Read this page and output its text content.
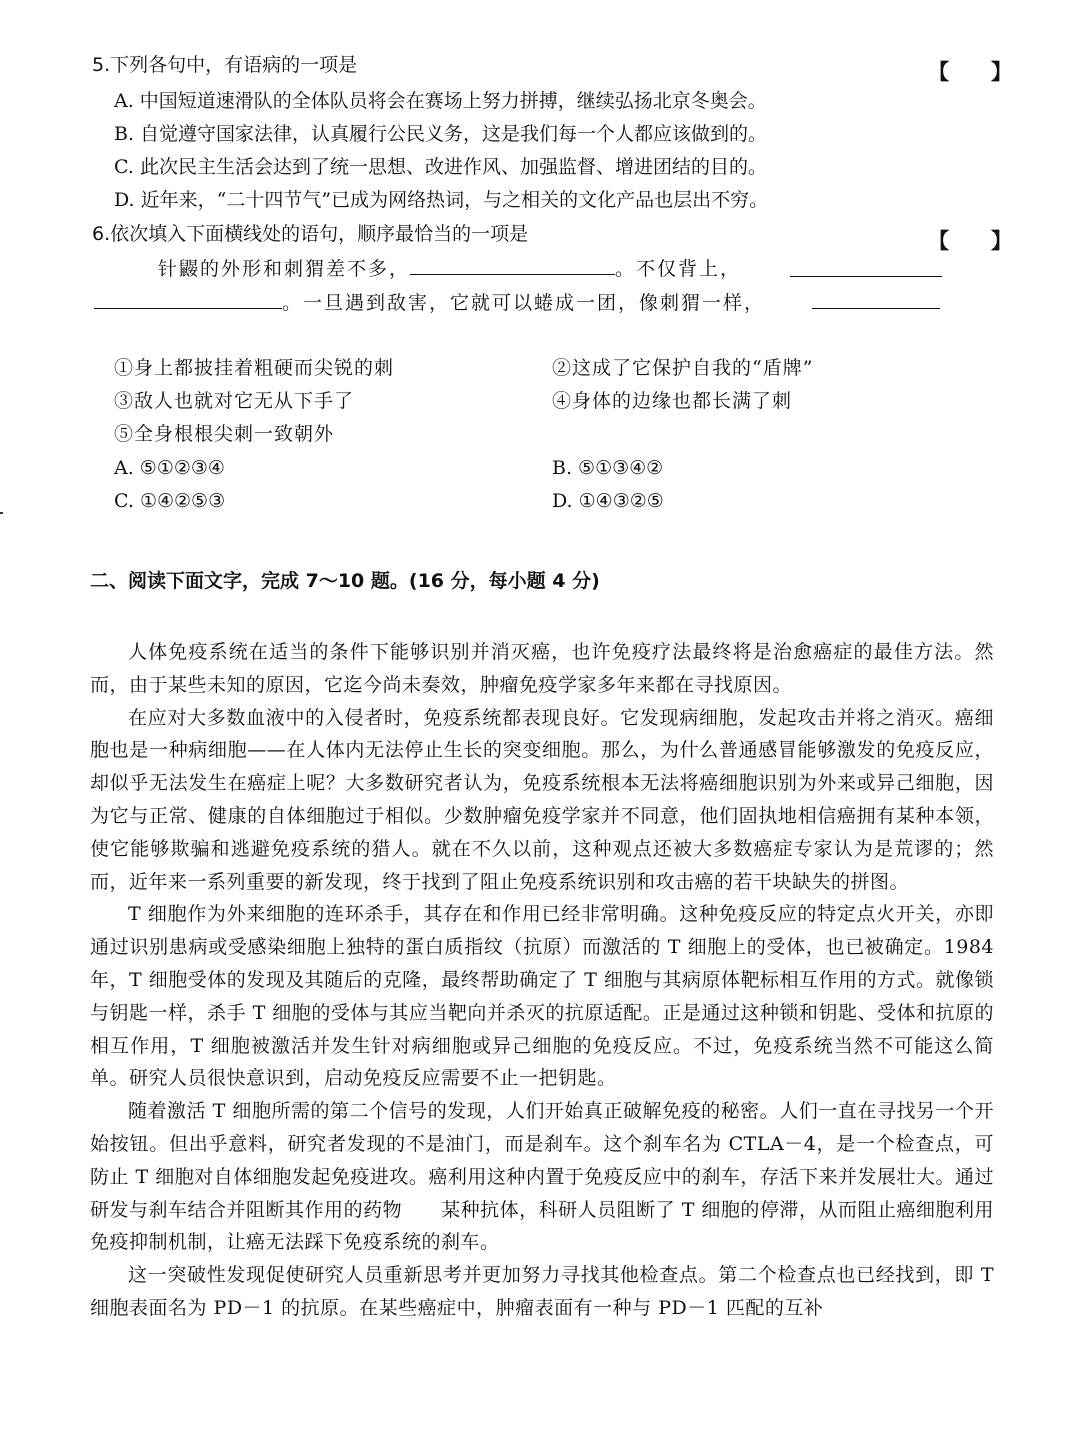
5.下列各句中，有语病的一项是	【　　】
A. 中国短道速滑队的全体队员将会在赛场上努力拼搏，继续弘扬北京冬奥会。
B. 自觉遵守国家法律，认真履行公民义务，这是我们每一个人都应该做到的。
C. 此次民主生活会达到了统一思想、改进作风、加强监督、增进团结的目的。
D. 近年来，“二十四节气”已成为网络热词，与之相关的文化产品也层出不穷。
6.依次填入下面横线处的语句，顺序最恰当的一项是	【　　】
针鼹的外形和刺猬差不多，	。不仅背上，
。一旦遇到敌害，它就可以蜷成一团，像刺猬一样，
①身上都披挂着粗硬而尖锐的刺	②这成了它保护自我的“盾牌”
③敌人也就对它无从下手了	④身体的边缘也都长满了刺
⑤全身根根尖刺一致朝外
A. ⑤①②③④	B. ⑤①③④②
C. ①④②⑤③	D. ①④③②⑤
二、阅读下面文字，完成 7～10 题。(16 分，每小题 4 分)

人体免疫系统在适当的条件下能够识别并消灭癌，也许免疫疗法最终将是治愈癌症的最佳方法。然而，由于某些未知的原因，它迄今尚未奏效，肿瘤免疫学家多年来都在寻找原因。

在应对大多数血液中的入侵者时，免疫系统都表现良好。它发现病细胞，发起攻击并将之消灭。癌细胞也是一种病细胞——在人体内无法停止生长的突变细胞。那么，为什么普通感冒能够激发的免疫反应，却似乎无法发生在癌症上呢？大多数研究者认为，免疫系统根本无法将癌细胞识别为外来或异己细胞，因为它与正常、健康的自体细胞过于相似。少数肿瘤免疫学家并不同意，他们固执地相信癌拥有某种本领，使它能够欺骗和逃避免疫系统的猎人。就在不久以前，这种观点还被大多数癌症专家认为是荒谬的；然而，近年来一系列重要的新发现，终于找到了阻止免疫系统识别和攻击癌的若干块缺失的拼图。

T 细胞作为外来细胞的连环杀手，其存在和作用已经非常明确。这种免疫反应的特定点火开关，亦即通过识别患病或受感染细胞上独特的蛋白质指纹（抗原）而激活的 T 细胞上的受体，也已被确定。1984 年，T 细胞受体的发现及其随后的克隆，最终帮助确定了 T 细胞与其病原体靶标相互作用的方式。就像锁与钥匙一样，杀手 T 细胞的受体与其应当靶向并杀灭的抗原适配。正是通过这种锁和钥匙、受体和抗原的相互作用，T 细胞被激活并发生针对病细胞或异己细胞的免疫反应。不过，免疫系统当然不可能这么简单。研究人员很快意识到，启动免疫反应需要不止一把钥匙。

随着激活 T 细胞所需的第二个信号的发现，人们开始真正破解免疫的秘密。人们一直在寻找另一个开始按钮。但出乎意料，研究者发现的不是油门，而是刹车。这个刹车名为 CTLA－4，是一个检查点，可防止 T 细胞对自体细胞发起免疫进攻。癌利用这种内置于免疫反应中的刹车，存活下来并发展壮大。通过研发与刹车结合并阻断其作用的药物　　某种抗体，科研人员阻断了 T 细胞的停滞，从而阻止癌细胞利用免疫抑制机制，让癌无法踩下免疫系统的刹车。

这一突破性发现促使研究人员重新思考并更加努力寻找其他检查点。第二个检查点也已经找到，即 T 细胞表面名为 PD－1 的抗原。在某些癌症中，肿瘤表面有一种与 PD－1 匹配的互补
